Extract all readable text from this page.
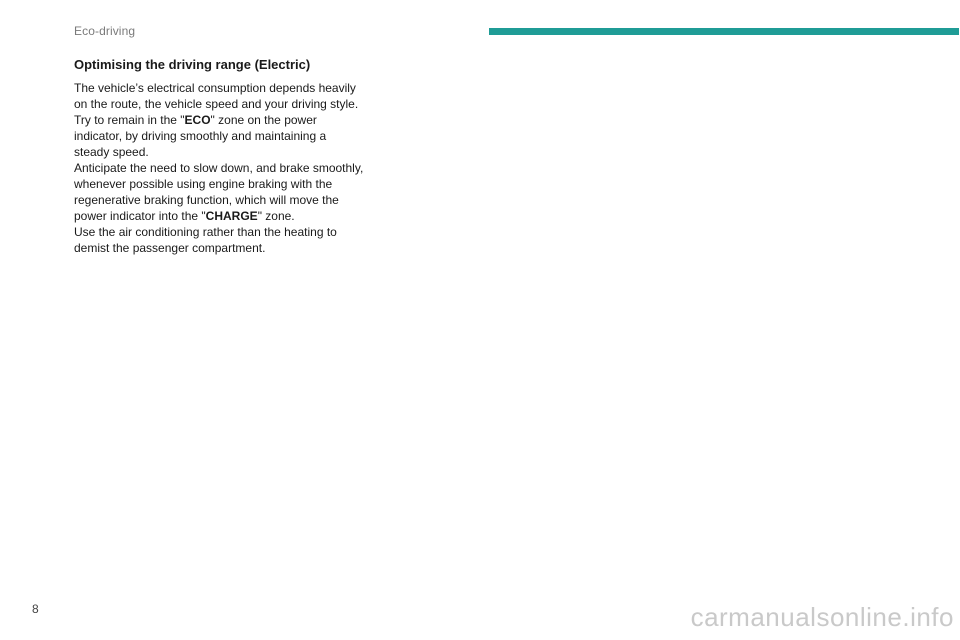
Eco-driving
Optimising the driving range (Electric)

The vehicle’s electrical consumption depends heavily on the route, the vehicle speed and your driving style.

Try to remain in the "ECO" zone on the power indicator, by driving smoothly and maintaining a steady speed.

Anticipate the need to slow down, and brake smoothly, whenever possible using engine braking with the regenerative braking function, which will move the power indicator into the "CHARGE" zone.

Use the air conditioning rather than the heating to demist the passenger compartment.

8	carmanualsonline.info
